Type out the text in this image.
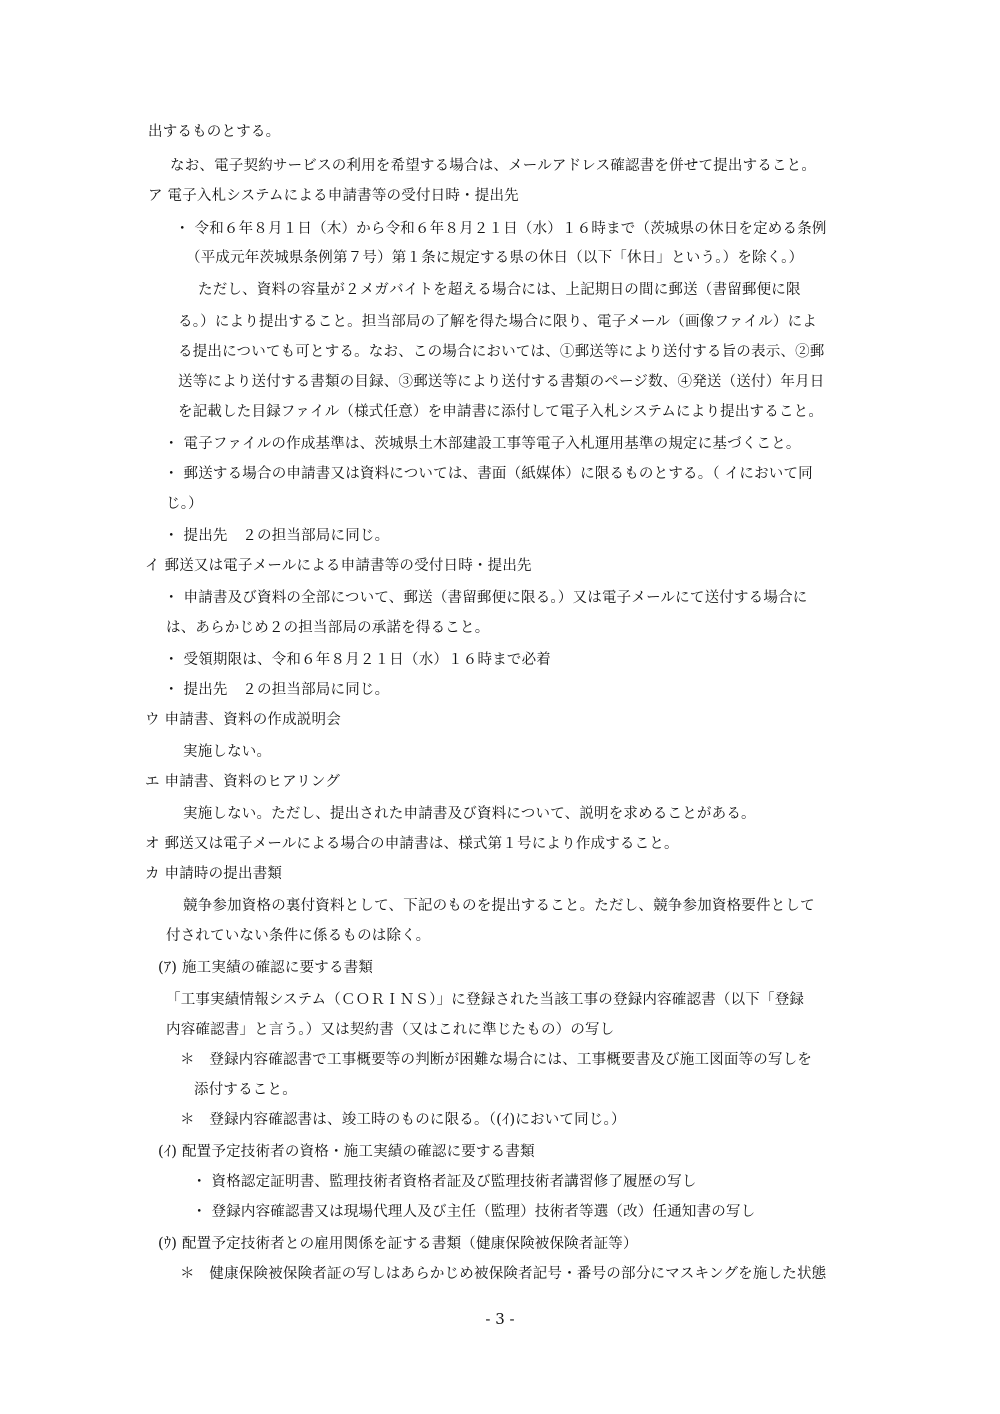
出するものとする。
なお、電子契約サービスの利用を希望する場合は、メールアドレス確認書を併せて提出すること。
ア 電子入札システムによる申請書等の受付日時・提出先
・ 令和６年８月１日（木）から令和６年８月２１日（水）１６時まで（茨城県の休日を定める条例
（平成元年茨城県条例第７号）第１条に規定する県の休日（以下「休日」という。）を除く。）
ただし、資料の容量が２メガバイトを超える場合には、上記期日の間に郵送（書留郵便に限
る。）により提出すること。担当部局の了解を得た場合に限り、電子メール（画像ファイル）によ
る提出についても可とする。なお、この場合においては、①郵送等により送付する旨の表示、②郵
送等により送付する書類の目録、③郵送等により送付する書類のページ数、④発送（送付）年月日
を記載した目録ファイル（様式任意）を申請書に添付して電子入札システムにより提出すること。
・ 電子ファイルの作成基準は、茨城県土木部建設工事等電子入札運用基準の規定に基づくこと。
・ 郵送する場合の申請書又は資料については、書面（紙媒体）に限るものとする。（ イにおいて同
じ。）
・ 提出先　２の担当部局に同じ。
イ 郵送又は電子メールによる申請書等の受付日時・提出先
・ 申請書及び資料の全部について、郵送（書留郵便に限る。）又は電子メールにて送付する場合に
は、あらかじめ２の担当部局の承諾を得ること。
・ 受領期限は、令和６年８月２１日（水）１６時まで必着
・ 提出先　２の担当部局に同じ。
ウ 申請書、資料の作成説明会
実施しない。
エ 申請書、資料のヒアリング
実施しない。ただし、提出された申請書及び資料について、説明を求めることがある。
オ 郵送又は電子メールによる場合の申請書は、様式第１号により作成すること。
カ 申請時の提出書類
競争参加資格の裏付資料として、下記のものを提出すること。ただし、競争参加資格要件として
付されていない条件に係るものは除く。
(ｱ) 施工実績の確認に要する書類
「工事実績情報システム（ＣＯＲＩＮＳ）」に登録された当該工事の登録内容確認書（以下「登録
内容確認書」と言う。）又は契約書（又はこれに準じたもの）の写し
＊　登録内容確認書で工事概要等の判断が困難な場合には、工事概要書及び施工図面等の写しを
添付すること。
＊　登録内容確認書は、竣工時のものに限る。（(ｲ)において同じ。）
(ｲ) 配置予定技術者の資格・施工実績の確認に要する書類
・ 資格認定証明書、監理技術者資格者証及び監理技術者講習修了履歴の写し
・ 登録内容確認書又は現場代理人及び主任（監理）技術者等選（改）任通知書の写し
(ｳ) 配置予定技術者との雇用関係を証する書類（健康保険被保険者証等）
＊　健康保険被保険者証の写しはあらかじめ被保険者記号・番号の部分にマスキングを施した状態
- 3 -
